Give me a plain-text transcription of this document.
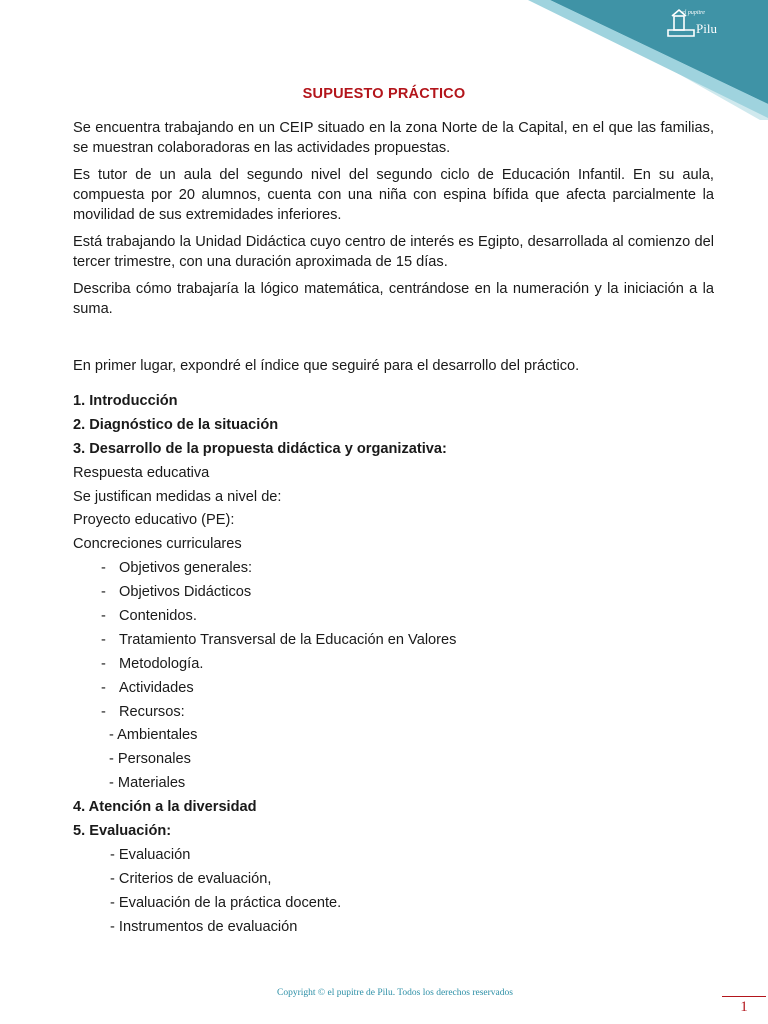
el pupitre
Pilu
SUPUESTO PRÁCTICO

Se encuentra trabajando en un CEIP situado en la zona Norte de la Capital, en el que las familias, se muestran colaboradoras en las actividades propuestas.

Es tutor de un aula del segundo nivel del segundo ciclo de Educación Infantil. En su aula, compuesta por 20 alumnos, cuenta con una niña con espina bífida que afecta parcialmente la movilidad de sus extremidades inferiores.

Está trabajando la Unidad Didáctica cuyo centro de interés es Egipto, desarrollada al comienzo del tercer trimestre, con una duración aproximada de 15 días.

Describa cómo trabajaría la lógico matemática, centrándose en la numeración y la iniciación a la suma.

En primer lugar, expondré el índice que seguiré para el desarrollo del práctico.
1. Introducción
2. Diagnóstico de la situación
3. Desarrollo de la propuesta didáctica y organizativa:
Respuesta educativa
Se justifican medidas a nivel de:
Proyecto educativo (PE):
Concreciones curriculares
- Objetivos generales:
- Objetivos Didácticos
- Contenidos.
- Tratamiento Transversal de la Educación en Valores
- Metodología.
- Actividades
- Recursos:
- Ambientales
- Personales
- Materiales
4. Atención a la diversidad
5. Evaluación:
- Evaluación
- Criterios de evaluación,
- Evaluación de la práctica docente.
- Instrumentos de evaluación
Copyright © el pupitre de Pilu. Todos los derechos reservados
1
